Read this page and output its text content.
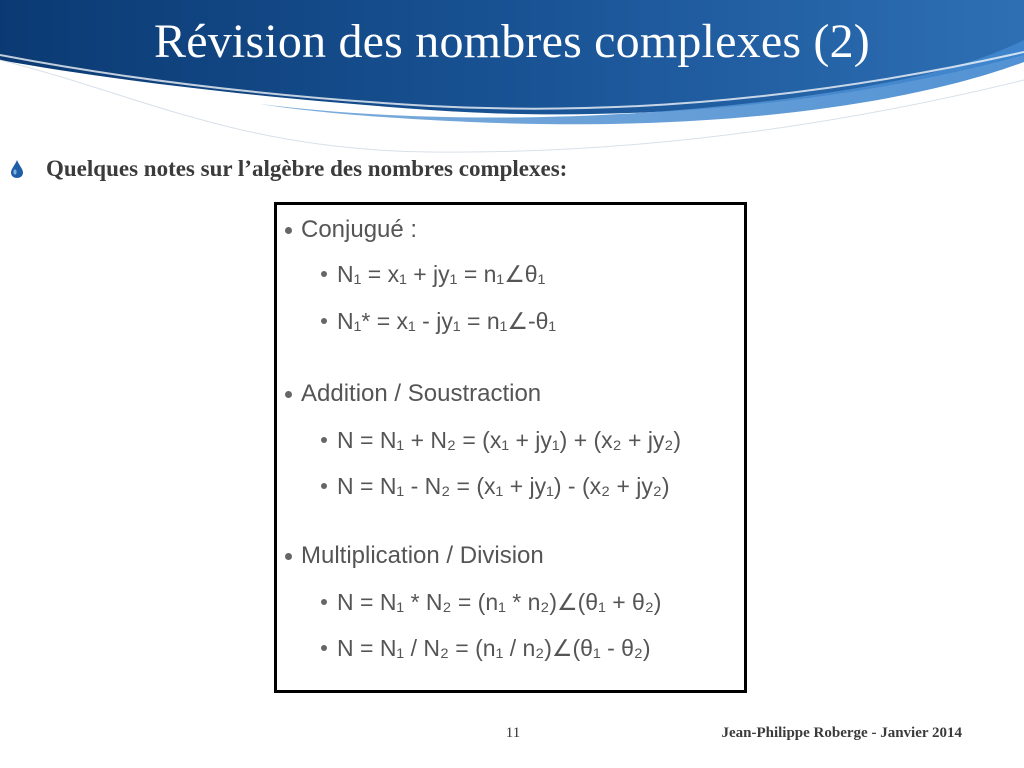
Révision des nombres complexes (2)
Quelques notes sur l’algèbre des nombres complexes:
Conjugué :
N₁ = x₁ + jy₁ = n₁∠θ₁
N₁* = x₁ - jy₁ = n₁∠-θ₁
Addition / Soustraction
N = N₁ + N₂ = (x₁ + jy₁) + (x₂ + jy₂)
N = N₁ - N₂ = (x₁ + jy₁) - (x₂ + jy₂)
Multiplication / Division
N = N₁ * N₂ = (n₁ * n₂)∠(θ₁ + θ₂)
N = N₁ / N₂ = (n₁ / n₂)∠(θ₁ - θ₂)
11	Jean-Philippe Roberge - Janvier 2014
